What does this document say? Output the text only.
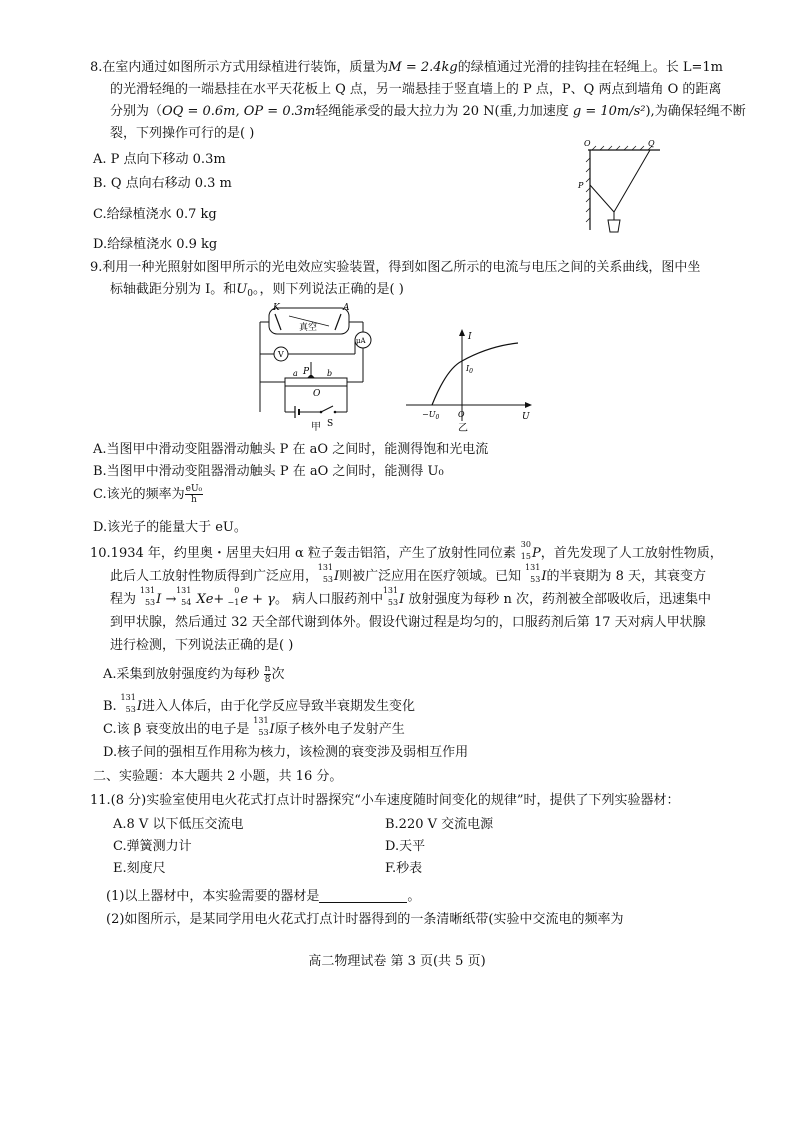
8.在室内通过如图所示方式用绿植进行装饰，质量为M = 2.4kg的绿植通过光滑的挂钩挂在轻绳上。长 L=1m
的光滑轻绳的一端悬挂在水平天花板上 Q 点，另一端悬挂于竖直墙上的 P 点，P、Q 两点到墙角 O 的距离
分别为（OQ = 0.6m, OP = 0.3m轻绳能承受的最大拉力为 20 N(重,力加速度 g = 10m/s²),为确保轻绳不断
裂，下列操作可行的是( )
A. P 点向下移动 0.3m
B. Q 点向右移动 0.3 m
C.给绿植浇水 0.7 kg
D.给绿植浇水 0.9 kg
O	Q
P
9.利用一种光照射如图甲所示的光电效应实验装置，得到如图乙所示的电流与电压之间的关系曲线，图中坐
标轴截距分别为 I。和$U_0$。，则下列说法正确的是( )
K	A
真空
μA
V
a P b
O
S
甲
I
$I_0$
$-U_0$ O	U
乙
A.当图甲中滑动变阻器滑动触头 P 在 aO 之间时，能测得饱和光电流
B.当图甲中滑动变阻器滑动触头 P 在 aO 之间时，能测得 U₀
C.该光的频率为 $\frac{\text{eU₀}}{h}$
D.该光子的能量大于 eU。
10.1934 年，约里奥・居里夫妇用 α 粒子轰击铝箔，产生了放射性同位素
30
15 P，首先发现了人工放射性物质，
此后人工放射性物质得到广泛应用，
131
53 I则被广泛应用在医疗领域。已知
131
53 I的半衰期为 8 天，其衰变方
程为
131
53 I →
131
54 Xe+
0
−1 e + γ。 病人口服药剂中
131
53 I 放射强度为每秒 n 次，药剂被全部吸收后，迅速集中
到甲状腺，然后通过 32 天全部代谢到体外。假设代谢过程是均匀的，口服药剂后第 17 天对病人甲状腺
进行检测，下列说法正确的是( )
A.采集到放射强度约为每秒 $\frac{n}{8}$ 次
B.
131
53 I进入人体后，由于化学反应导致半衰期发生变化
C.该 β 衰变放出的电子是
131
53 I原子核外电子发射产生
D.核子间的强相互作用称为核力，该检测的衰变涉及弱相互作用
二、实验题：本大题共 2 小题，共 16 分。
11.(8 分)实验室使用电火花式打点计时器探究“小车速度随时间变化的规律”时，提供了下列实验器材：
A.8 V 以下低压交流电	B.220 V 交流电源
C.弹簧测力计	D.天平
E.刻度尺	F.秒表
(1)以上器材中，本实验需要的器材是	。
(2)如图所示，是某同学用电火花式打点计时器得到的一条清晰纸带(实验中交流电的频率为
高二物理试卷 第 3 页(共 5 页)
